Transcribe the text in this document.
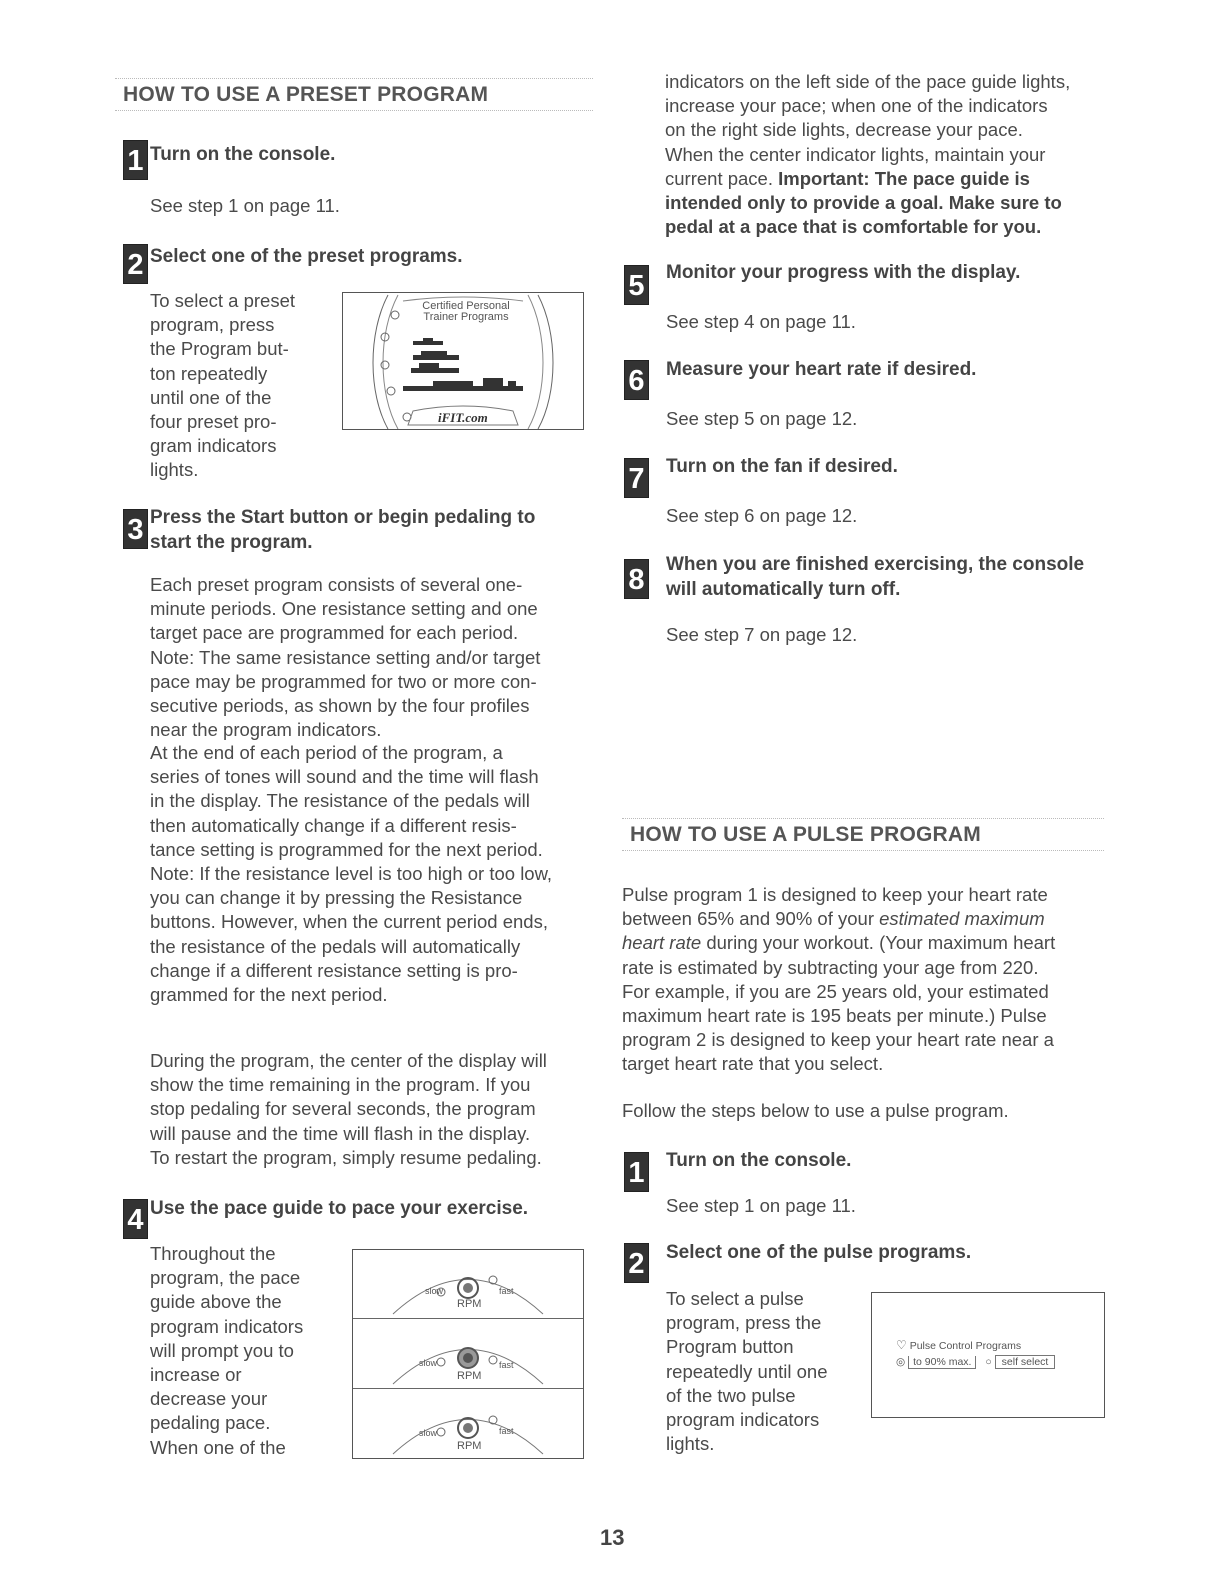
HOW TO USE A PRESET PROGRAM
1 Turn on the console.
See step 1 on page 11.
2 Select one of the preset programs.
To select a preset
program, press
the Program but-
ton repeatedly
until one of the
four preset pro-
gram indicators
lights.
Certified Personal
Trainer Programs
iFIT.com
3 Press the Start button or begin pedaling to
start the program.
Each preset program consists of several one-
minute periods. One resistance setting and one
target pace are programmed for each period.
Note: The same resistance setting and/or target
pace may be programmed for two or more con-
secutive periods, as shown by the four profiles
near the program indicators.
At the end of each period of the program, a
series of tones will sound and the time will flash
in the display. The resistance of the pedals will
then automatically change if a different resis-
tance setting is programmed for the next period.
Note: If the resistance level is too high or too low,
you can change it by pressing the Resistance
buttons. However, when the current period ends,
the resistance of the pedals will automatically
change if a different resistance setting is pro-
grammed for the next period.
During the program, the center of the display will
show the time remaining in the program. If you
stop pedaling for several seconds, the program
will pause and the time will flash in the display.
To restart the program, simply resume pedaling.
4 Use the pace guide to pace your exercise.
Throughout the
program, the pace
guide above the
program indicators
will prompt you to
increase or
decrease your
pedaling pace.
When one of the
RPM
slow	fast
RPM
slow	fast
RPM
slow	fast
indicators on the left side of the pace guide lights,
increase your pace; when one of the indicators
on the right side lights, decrease your pace.
When the center indicator lights, maintain your
current pace. Important: The pace guide is
intended only to provide a goal. Make sure to
pedal at a pace that is comfortable for you.
5 Monitor your progress with the display.
See step 4 on page 11.
6 Measure your heart rate if desired.
See step 5 on page 12.
7 Turn on the fan if desired.
See step 6 on page 12.
8 When you are finished exercising, the console
will automatically turn off.
See step 7 on page 12.
HOW TO USE A PULSE PROGRAM
Pulse program 1 is designed to keep your heart rate
between 65% and 90% of your estimated maximum
heart rate during your workout. (Your maximum heart
rate is estimated by subtracting your age from 220.
For example, if you are 25 years old, your estimated
maximum heart rate is 195 beats per minute.) Pulse
program 2 is designed to keep your heart rate near a
target heart rate that you select.
Follow the steps below to use a pulse program.
1 Turn on the console.
See step 1 on page 11.
2 Select one of the pulse programs.
To select a pulse
program, press the
Program button
repeatedly until one
of the two pulse
program indicators
lights.
♡ Pulse Control Programs
◎ to 90% max. ○ self select
13
